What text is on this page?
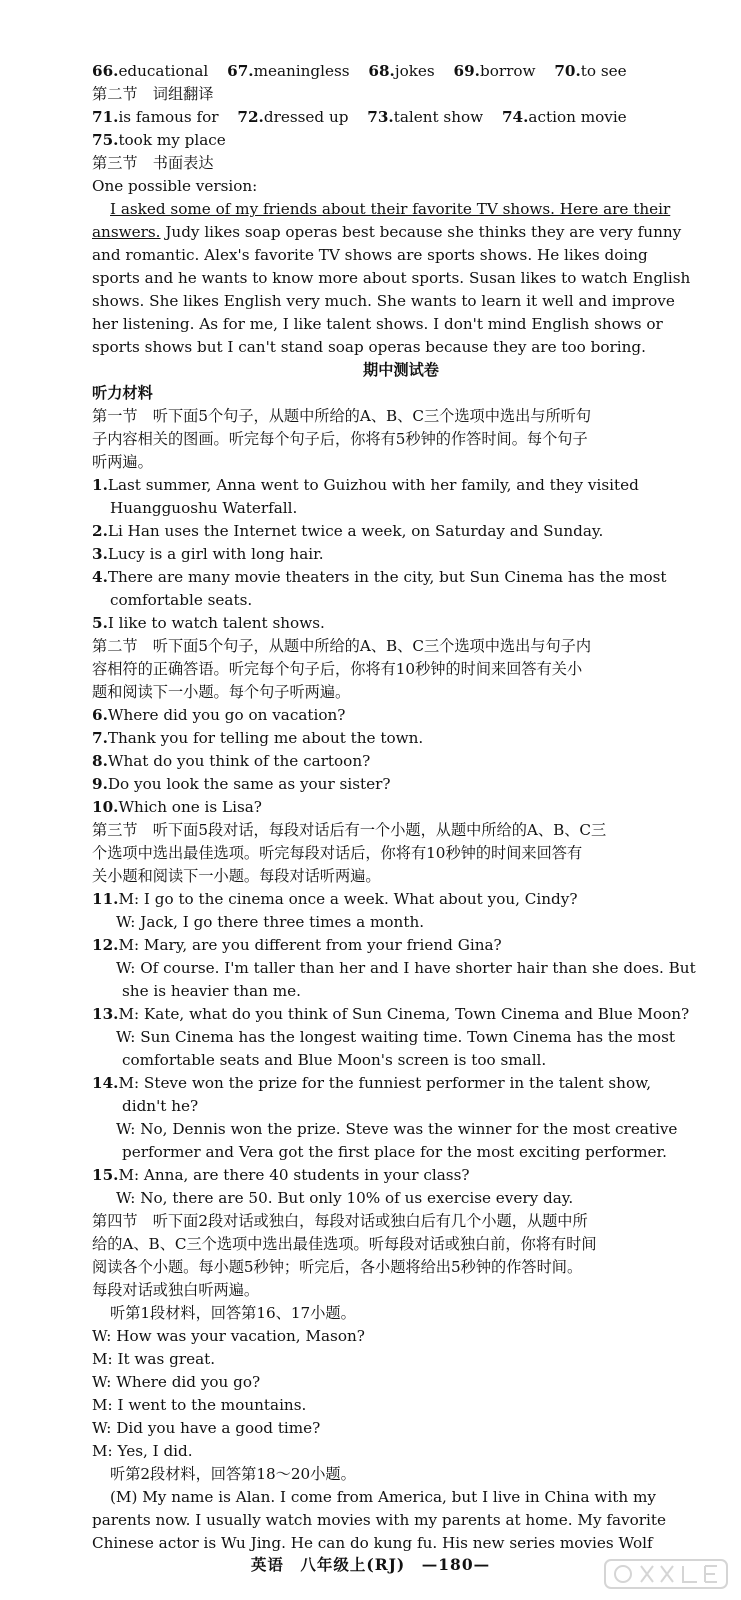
66.educational 67.meaningless 68.jokes 69.borrow 70.to see

第二节　词组翻译

71.is famous for 72.dressed up 73.talent show 74.action movie

75.took my place

第三节　书面表达

One possible version:

I asked some of my friends about their favorite TV shows. Here are their

answers. Judy likes soap operas best because she thinks they are very funny

and romantic. Alex's favorite TV shows are sports shows. He likes doing

sports and he wants to know more about sports. Susan likes to watch English

shows. She likes English very much. She wants to learn it well and improve

her listening. As for me, I like talent shows. I don't mind English shows or

sports shows but I can't stand soap operas because they are too boring.

期中测试卷

听力材料

第一节　听下面5个句子，从题中所给的A、B、C三个选项中选出与所听句

子内容相关的图画。听完每个句子后，你将有5秒钟的作答时间。每个句子

听两遍。

1.Last summer, Anna went to Guizhou with her family, and they visited

Huangguoshu Waterfall.

2.Li Han uses the Internet twice a week, on Saturday and Sunday.

3.Lucy is a girl with long hair.

4.There are many movie theaters in the city, but Sun Cinema has the most

comfortable seats.

5.I like to watch talent shows.

第二节　听下面5个句子，从题中所给的A、B、C三个选项中选出与句子内

容相符的正确答语。听完每个句子后，你将有10秒钟的时间来回答有关小

题和阅读下一小题。每个句子听两遍。

6.Where did you go on vacation?

7.Thank you for telling me about the town.

8.What do you think of the cartoon?

9.Do you look the same as your sister?

10.Which one is Lisa?

第三节　听下面5段对话，每段对话后有一个小题，从题中所给的A、B、C三

个选项中选出最佳选项。听完每段对话后，你将有10秒钟的时间来回答有

关小题和阅读下一小题。每段对话听两遍。

11.M: I go to the cinema once a week. What about you, Cindy?

W: Jack, I go there three times a month.

12.M: Mary, are you different from your friend Gina?

W: Of course. I'm taller than her and I have shorter hair than she does. But

she is heavier than me.

13.M: Kate, what do you think of Sun Cinema, Town Cinema and Blue Moon?

W: Sun Cinema has the longest waiting time. Town Cinema has the most

comfortable seats and Blue Moon's screen is too small.

14.M: Steve won the prize for the funniest performer in the talent show,

didn't he?

W: No, Dennis won the prize. Steve was the winner for the most creative

performer and Vera got the first place for the most exciting performer.

15.M: Anna, are there 40 students in your class?

W: No, there are 50. But only 10% of us exercise every day.

第四节　听下面2段对话或独白，每段对话或独白后有几个小题，从题中所

给的A、B、C三个选项中选出最佳选项。听每段对话或独白前，你将有时间

阅读各个小题。每小题5秒钟；听完后，各小题将给出5秒钟的作答时间。

每段对话或独白听两遍。

听第1段材料，回答第16、17小题。

W: How was your vacation, Mason?

M: It was great.

W: Where did you go?

M: I went to the mountains.

W: Did you have a good time?

M: Yes, I did.

听第2段材料，回答第18～20小题。

(M) My name is Alan. I come from America, but I live in China with my

parents now. I usually watch movies with my parents at home. My favorite

Chinese actor is Wu Jing. He can do kung fu. His new series movies Wolf

英语　八年级上(RJ)　—180—
